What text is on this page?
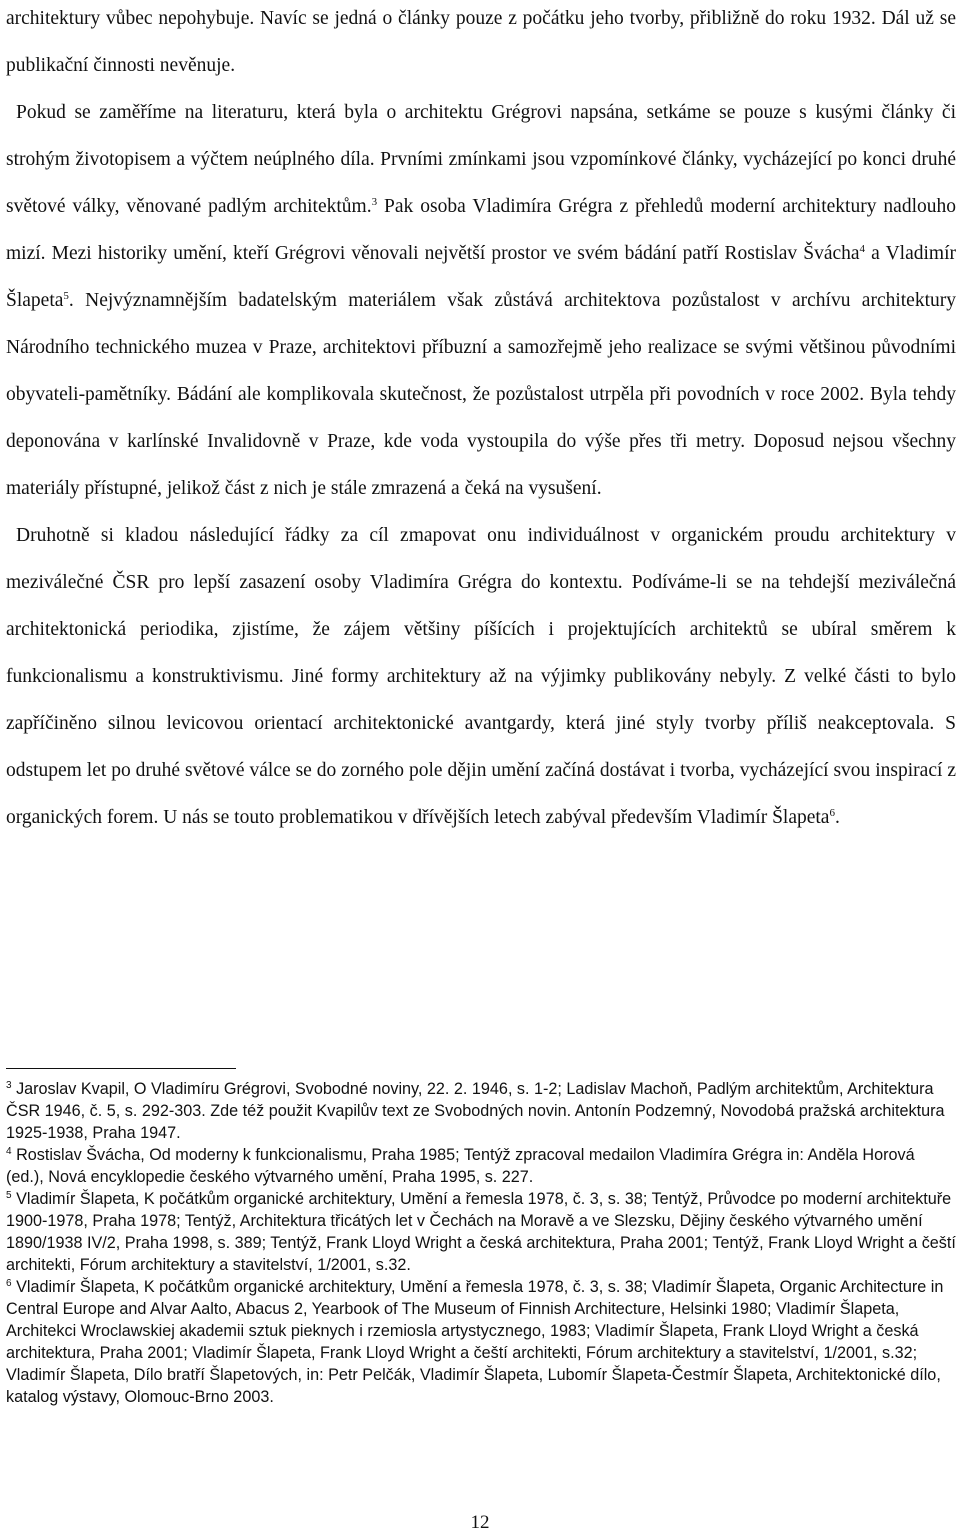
architektury vůbec nepohybuje. Navíc se jedná o články pouze z počátku jeho tvorby, přibližně do roku 1932. Dál už se publikační činnosti nevěnuje.

Pokud se zaměříme na literaturu, která byla o architektu Grégrovi napsána, setkáme se pouze s kusými články či strohým životopisem a výčtem neúplného díla. Prvními zmínkami jsou vzpomínkové články, vycházející po konci druhé světové války, věnované padlým architektům.$^3$ Pak osoba Vladimíra Grégra z přehledů moderní architektury nadlouho mizí. Mezi historiky umění, kteří Grégrovi věnovali největší prostor ve svém bádání patří Rostislav Švácha$^4$ a Vladimír Šlapeta$^5$. Nejvýznamnějším badatelským materiálem však zůstává architektova pozůstalost v archívu architektury Národního technického muzea v Praze, architektovi příbuzní a samozřejmě jeho realizace se svými většinou původními obyvateli-pamětníky. Bádání ale komplikovala skutečnost, že pozůstalost utrpěla při povodních v roce 2002. Byla tehdy deponována v karlínské Invalidovně v Praze, kde voda vystoupila do výše přes tři metry. Doposud nejsou všechny materiály přístupné, jelikož část z nich je stále zmrazená a čeká na vysušení.

Druhotně si kladou následující řádky za cíl zmapovat onu individuálnost v organickém proudu architektury v meziválečné ČSR pro lepší zasazení osoby Vladimíra Grégra do kontextu. Podíváme-li se na tehdejší meziválečná architektonická periodika, zjistíme, že zájem většiny píšících i projektujících architektů se ubíral směrem k funkcionalismu a konstruktivismu. Jiné formy architektury až na výjimky publikovány nebyly. Z velké části to bylo zapříčiněno silnou levicovou orientací architektonické avantgardy, která jiné styly tvorby příliš neakceptovala. S odstupem let po druhé světové válce se do zorného pole dějin umění začíná dostávat i tvorba, vycházející svou inspirací z organických forem. U nás se touto problematikou v dřívějších letech zabýval především Vladimír Šlapeta$^6$.

$^3$ Jaroslav Kvapil, O Vladimíru Grégrovi, Svobodné noviny, 22. 2. 1946, s. 1-2; Ladislav Machoň, Padlým architektům, Architektura ČSR 1946, č. 5, s. 292-303. Zde též použit Kvapilův text ze Svobodných novin. Antonín Podzemný, Novodobá pražská architektura 1925-1938, Praha 1947.

$^4$ Rostislav Švácha, Od moderny k funkcionalismu, Praha 1985; Tentýž zpracoval medailon Vladimíra Grégra in: Anděla Horová (ed.), Nová encyklopedie českého výtvarného umění, Praha 1995, s. 227.

$^5$ Vladimír Šlapeta, K počátkům organické architektury, Umění a řemesla 1978, č. 3, s. 38; Tentýž, Průvodce po moderní architektuře 1900-1978, Praha 1978; Tentýž, Architektura třicátých let v Čechách na Moravě a ve Slezsku, Dějiny českého výtvarného umění 1890/1938 IV/2, Praha 1998, s. 389; Tentýž, Frank Lloyd Wright a česká architektura, Praha 2001; Tentýž, Frank Lloyd Wright a čeští architekti, Fórum architektury a stavitelství, 1/2001, s.32.

$^6$ Vladimír Šlapeta, K počátkům organické architektury, Umění a řemesla 1978, č. 3, s. 38; Vladimír Šlapeta, Organic Architecture in Central Europe and Alvar Aalto, Abacus 2, Yearbook of The Museum of Finnish Architecture, Helsinki 1980; Vladimír Šlapeta, Architekci Wroclawskiej akademii sztuk pieknych i rzemiosla artystycznego, 1983; Vladimír Šlapeta, Frank Lloyd Wright a česká architektura, Praha 2001; Vladimír Šlapeta, Frank Lloyd Wright a čeští architekti, Fórum architektury a stavitelství, 1/2001, s.32; Vladimír Šlapeta, Dílo bratří Šlapetových, in: Petr Pelčák, Vladimír Šlapeta, Lubomír Šlapeta-Čestmír Šlapeta, Architektonické dílo, katalog výstavy, Olomouc-Brno 2003.

12
